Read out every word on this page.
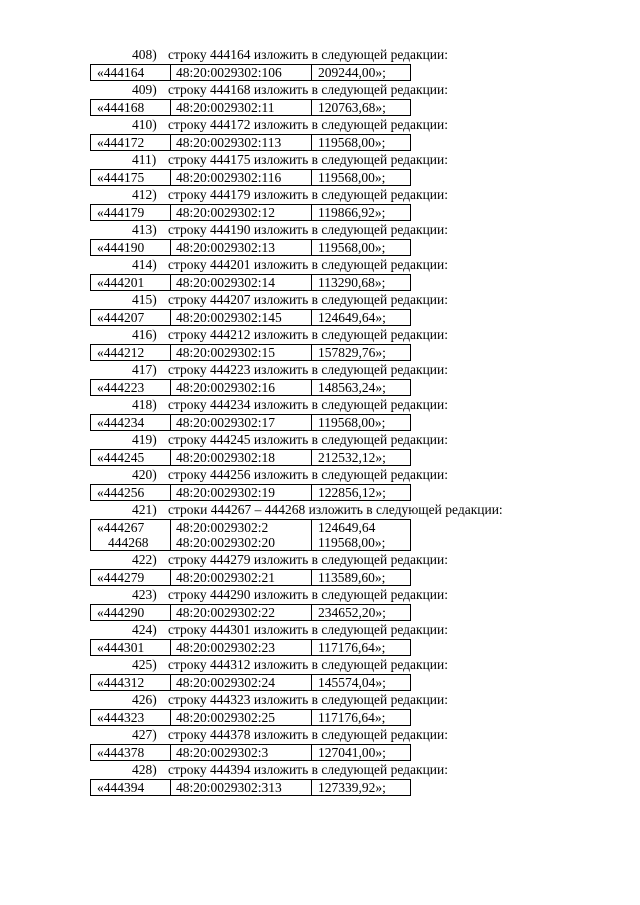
408) строку 444164 изложить в следующей редакции:
«444164	48:20:0029302:106	209244,00»;
409) строку 444168 изложить в следующей редакции:
«444168	48:20:0029302:11	120763,68»;
410) строку 444172 изложить в следующей редакции:
«444172	48:20:0029302:113	119568,00»;
411) строку 444175 изложить в следующей редакции:
«444175	48:20:0029302:116	119568,00»;
412) строку 444179 изложить в следующей редакции:
«444179	48:20:0029302:12	119866,92»;
413) строку 444190 изложить в следующей редакции:
«444190	48:20:0029302:13	119568,00»;
414) строку 444201 изложить в следующей редакции:
«444201	48:20:0029302:14	113290,68»;
415) строку 444207 изложить в следующей редакции:
«444207	48:20:0029302:145	124649,64»;
416) строку 444212 изложить в следующей редакции:
«444212	48:20:0029302:15	157829,76»;
417) строку 444223 изложить в следующей редакции:
«444223	48:20:0029302:16	148563,24»;
418) строку 444234 изложить в следующей редакции:
«444234	48:20:0029302:17	119568,00»;
419) строку 444245 изложить в следующей редакции:
«444245	48:20:0029302:18	212532,12»;
420) строку 444256 изложить в следующей редакции:
«444256	48:20:0029302:19	122856,12»;
421) строки 444267 – 444268 изложить в следующей редакции:
«444267	48:20:0029302:2	124649,64
444268	48:20:0029302:20	119568,00»;
422) строку 444279 изложить в следующей редакции:
«444279	48:20:0029302:21	113589,60»;
423) строку 444290 изложить в следующей редакции:
«444290	48:20:0029302:22	234652,20»;
424) строку 444301 изложить в следующей редакции:
«444301	48:20:0029302:23	117176,64»;
425) строку 444312 изложить в следующей редакции:
«444312	48:20:0029302:24	145574,04»;
426) строку 444323 изложить в следующей редакции:
«444323	48:20:0029302:25	117176,64»;
427) строку 444378 изложить в следующей редакции:
«444378	48:20:0029302:3	127041,00»;
428) строку 444394 изложить в следующей редакции:
«444394	48:20:0029302:313	127339,92»;
